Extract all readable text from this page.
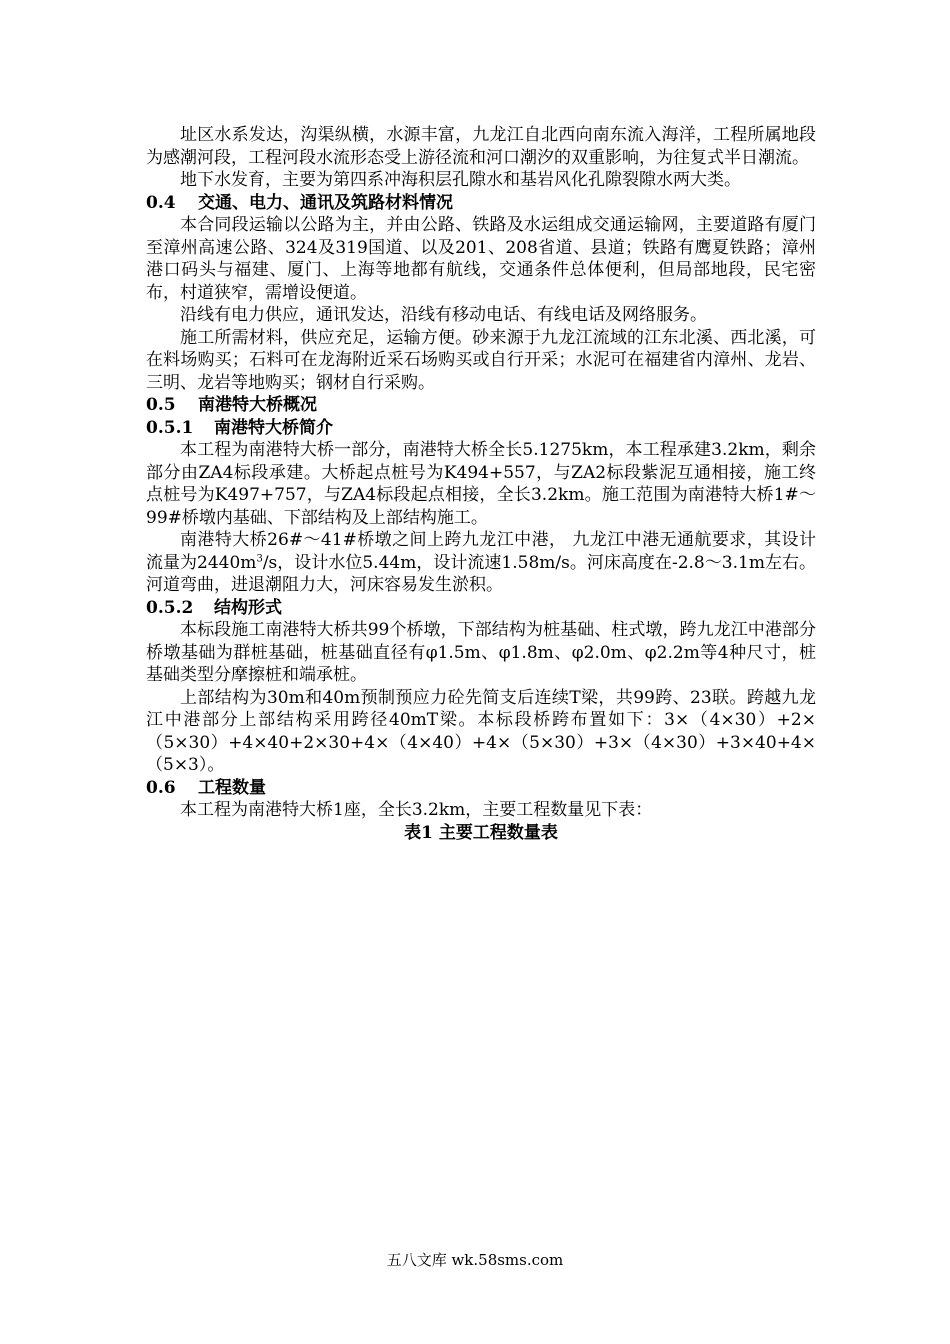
址区水系发达，沟渠纵横，水源丰富，九龙江自北西向南东流入海洋，工程所属地段为感潮河段，工程河段水流形态受上游径流和河口潮汐的双重影响，为往复式半日潮流。

地下水发育，主要为第四系冲海积层孔隙水和基岩风化孔隙裂隙水两大类。

0.4 交通、电力、通讯及筑路材料情况

本合同段运输以公路为主，并由公路、铁路及水运组成交通运输网，主要道路有厦门至漳州高速公路、324及319国道、以及201、208省道、县道；铁路有鹰夏铁路；漳州港口码头与福建、厦门、上海等地都有航线，交通条件总体便利，但局部地段，民宅密布，村道狭窄，需增设便道。

沿线有电力供应，通讯发达，沿线有移动电话、有线电话及网络服务。

施工所需材料，供应充足，运输方便。砂来源于九龙江流域的江东北溪、西北溪，可在料场购买；石料可在龙海附近采石场购买或自行开采；水泥可在福建省内漳州、龙岩、三明、龙岩等地购买；钢材自行采购。

0.5 南港特大桥概况

0.5.1 南港特大桥简介

本工程为南港特大桥一部分，南港特大桥全长5.1275km，本工程承建3.2km，剩余部分由ZA4标段承建。大桥起点桩号为K494+557，与ZA2标段紫泥互通相接，施工终点桩号为K497+757，与ZA4标段起点相接，全长3.2km。施工范围为南港特大桥1#～99#桥墩内基础、下部结构及上部结构施工。

南港特大桥26#～41#桥墩之间上跨九龙江中港， 九龙江中港无通航要求，其设计流量为$2440m^3/s$，设计水位5.44m，设计流速1.58m/s。河床高度在-2.8～3.1m左右。河道弯曲，进退潮阻力大，河床容易发生淤积。

0.5.2 结构形式

本标段施工南港特大桥共99个桥墩，下部结构为桩基础、柱式墩，跨九龙江中港部分桥墩基础为群桩基础，桩基础直径有φ1.5m、φ1.8m、φ2.0m、φ2.2m等4种尺寸，桩基础类型分摩擦桩和端承桩。

上部结构为30m和40m预制预应力砼先简支后连续T梁，共99跨、23联。跨越九龙江中港部分上部结构采用跨径40mT梁。本标段桥跨布置如下：3×（4×30）+2×（5×30）+4×40+2×30+4×（4×40）+4×（5×30）+3×（4×30）+3×40+4×（5×3）。

0.6 工程数量

本工程为南港特大桥1座，全长3.2km，主要工程数量见下表：

表1 主要工程数量表

五八文库 wk.58sms.com
